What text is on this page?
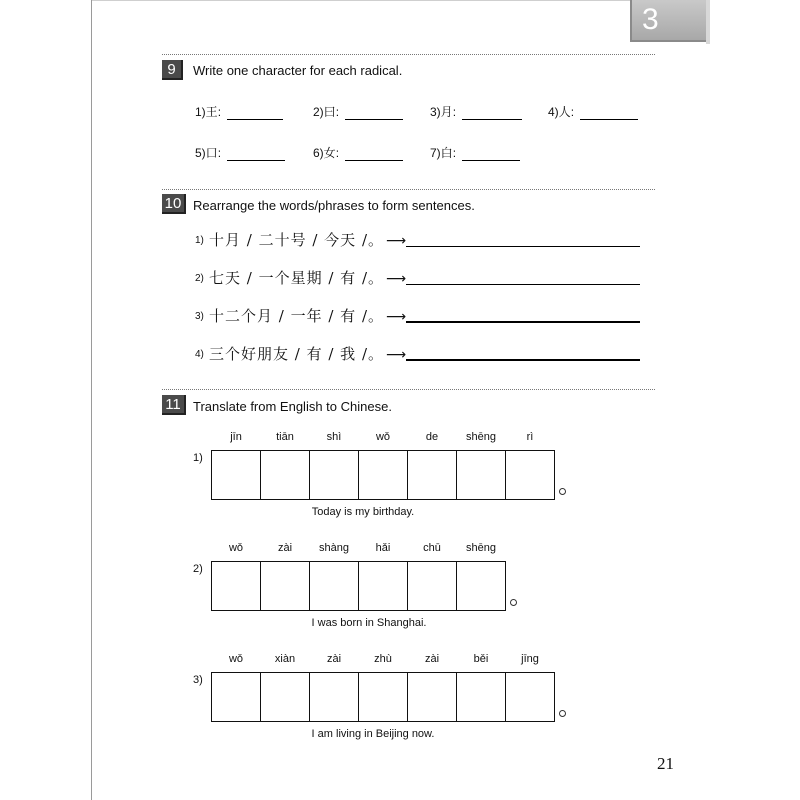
3
9	Write one character for each radical.
1)王:	2)曰:	3)月:	4)人:
5)口:	6)女:	7)白:
10 Rearrange the words/phrases to form sentences.
1) 十月 / 二十号 / 今天 /。 ⟶
2) 七天 / 一个星期 / 有 /。 ⟶
3) 十二个月 / 一年 / 有 /。 ⟶
4) 三个好朋友 / 有 / 我 /。 ⟶
11 Translate from English to Chinese.
jīn	tiān	shì	wǒ	de	shēng	rì
1)
Today is my birthday.
wǒ	zài	shàng	hǎi	chū	shēng
2)
I was born in Shanghai.
wǒ	xiàn	zài	zhù	zài	běi	jīng
3)
I am living in Beijing now.
21
